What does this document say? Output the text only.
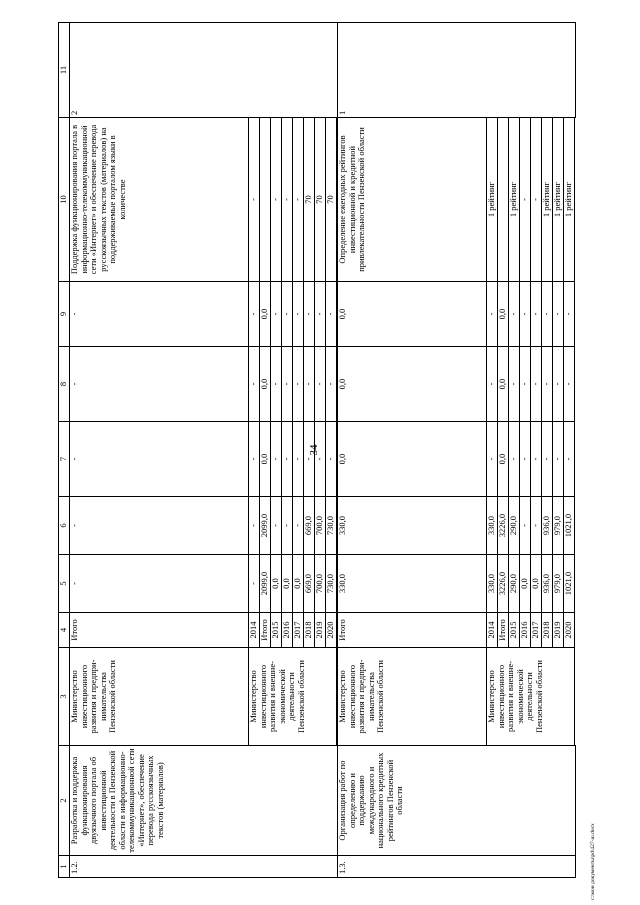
34
1	2	3	4	5	6	7	8	9	10	11
1.2.	Разработка и поддержка функционирования двуязычного портала об инвестиционной деятельности в Пензенской области в информационно-телекоммуникационной сети «Интернет», обеспечение перевода русскоязычных текстов (материалов)	Министерство инвестиционного развития и предпри-нимательства Пензенской области	Итого	-	-	-	-	-	Поддержка функционирования портала в информационно-телекоммуникационной сети «Интернет» и обеспечение перевода русскоязычных текстов (материалов) на поддерживаемые порталом языки в количестве	2
		Министерство инвестиционного развития и внешне-экономической деятельности Пензенской области	2014	-	-	-	-	-	-	
			Итого	2099,0	2099,0	0,0	0,0	0,0		
			2015	0,0	-	-	-	-	-	
			2016	0,0	-	-	-	-	-	
			2017	0,0	-	-	-	-	-	
			2018	669,0	669,0	-	-	-	70	
			2019	700,0	700,0	-	-	-	70	
			2020	730,0	730,0	-	-	-	70	

1.3.	Организация работ по определению и поддержанию международного и национального кредитных рейтингов Пензенской области	Министерство инвестиционного развития и предпри-нимательства Пензенской области	Итого	330,0	330,0	0,0	0,0	0,0	Определение ежегодных рейтингов инвестиционной и кредитной привлекательности Пензенской области	1
		Министерство инвестиционного развития и внешне-экономической деятельности Пензенской области	2014	330,0	330,0	-	-	-	1 рейтинг	
			Итого	3226,0	3226,0	0,0	0,0	0,0		
			2015	290,0	290,0	-	-	-	1 рейтинг	
			2016	0,0	-	-	-	-	-	
			2017	0,0	-	-	-	-	-	
			2018	936,0	936,0	-	-	-	1 рейтинг	
			2019	979,0	979,0	-	-	-	1 рейтинг	
			2020	1021,0	1021,0	-	-	-	1 рейтинг	

c:\мои документы\pd\427-ш.docx
